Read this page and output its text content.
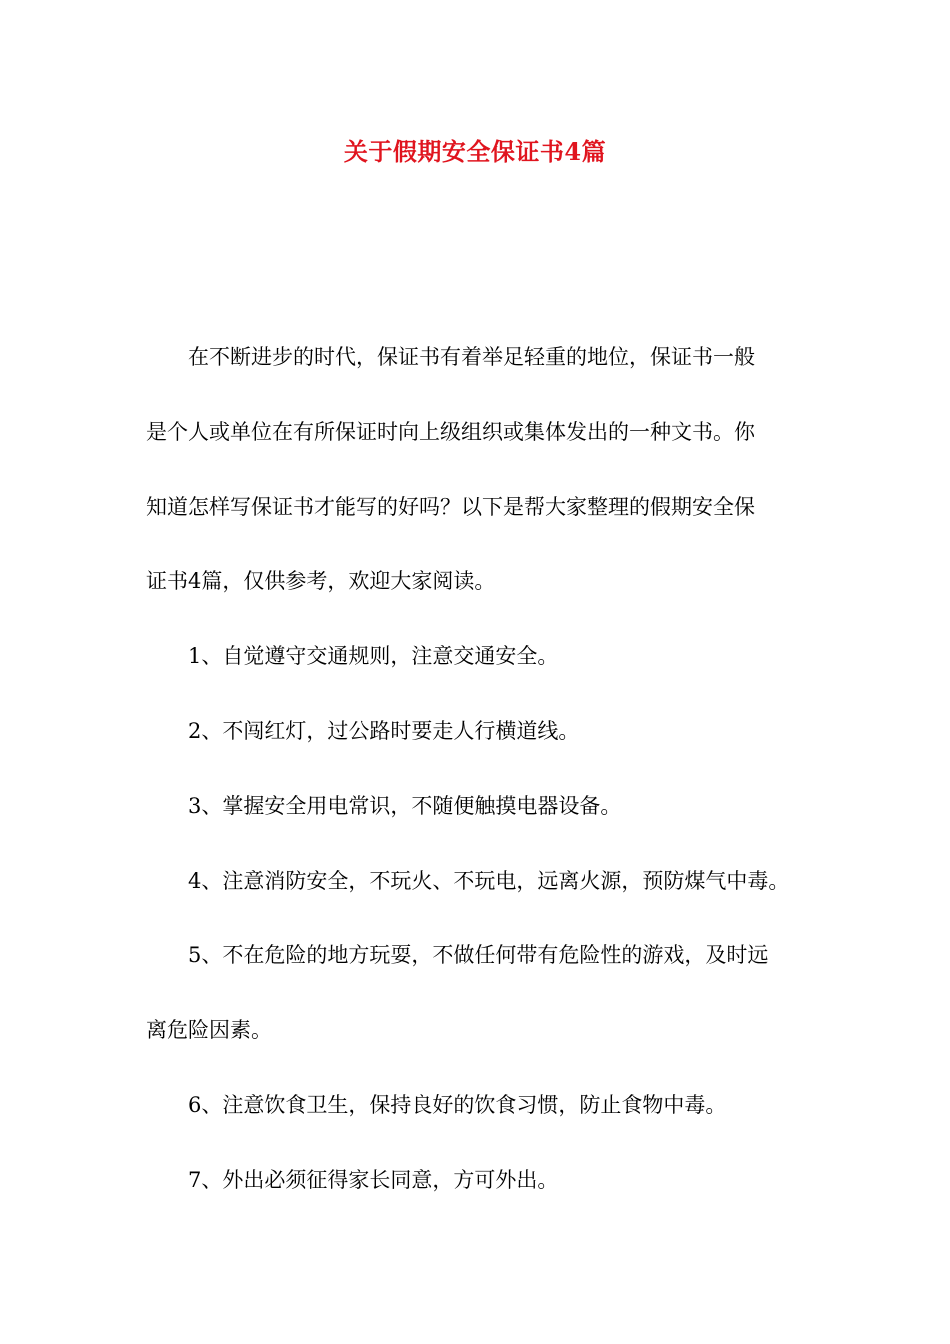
关于假期安全保证书4篇

在不断进步的时代，保证书有着举足轻重的地位，保证书一般

是个人或单位在有所保证时向上级组织或集体发出的一种文书。你

知道怎样写保证书才能写的好吗？以下是帮大家整理的假期安全保

证书4篇，仅供参考，欢迎大家阅读。

1、自觉遵守交通规则，注意交通安全。

2、不闯红灯，过公路时要走人行横道线。

3、掌握安全用电常识，不随便触摸电器设备。

4、注意消防安全，不玩火、不玩电，远离火源，预防煤气中毒。

5、不在危险的地方玩耍，不做任何带有危险性的游戏，及时远

离危险因素。

6、注意饮食卫生，保持良好的饮食习惯，防止食物中毒。

7、外出必须征得家长同意，方可外出。
